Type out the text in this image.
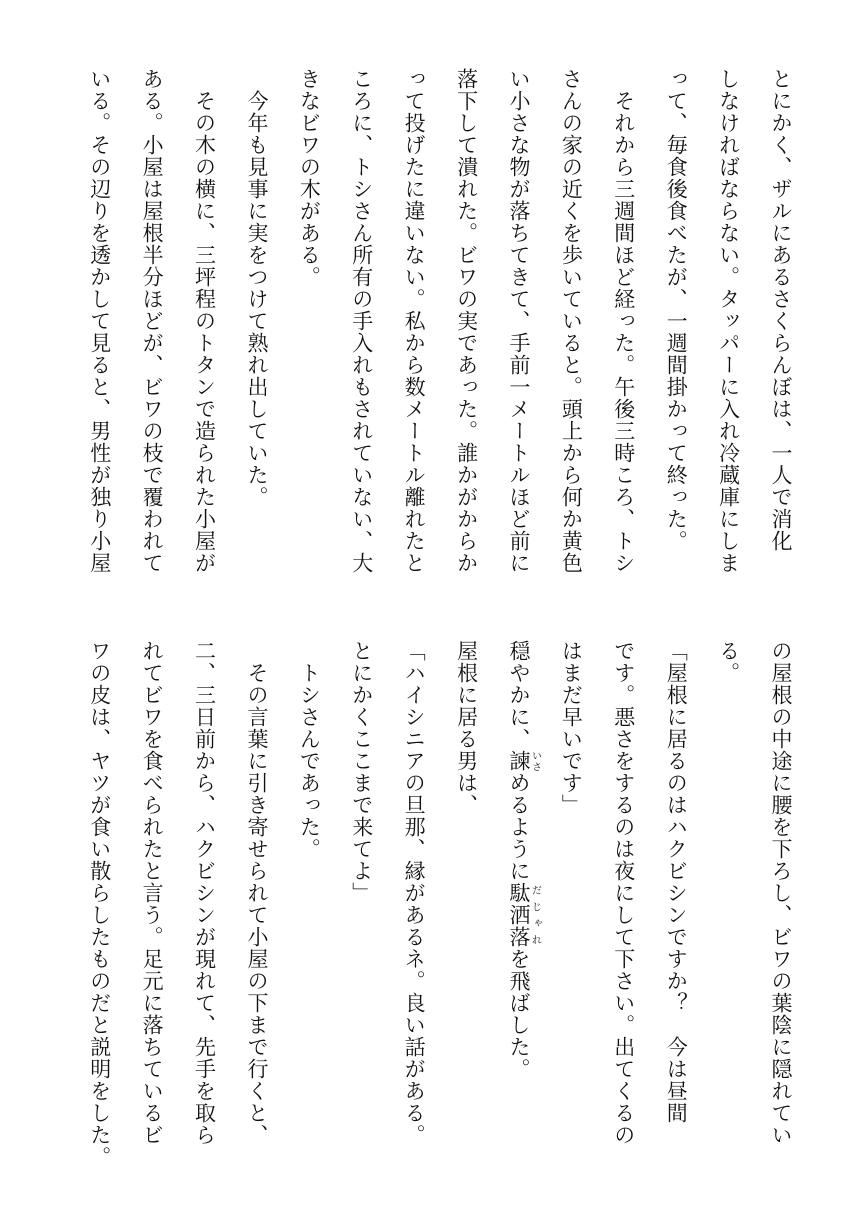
とにかく、ザルにあるさくらんぼは、一人で消化
しなければならない。タッパーに入れ冷蔵庫にしま
って、毎食後食べたが、一週間掛かって終った。
　それから三週間ほど経った。午後三時ころ、トシ
さんの家の近くを歩いていると。頭上から何か黄色
い小さな物が落ちてきて、手前一メートルほど前に
落下して潰れた。ビワの実であった。誰かがからか
って投げたに違いない。私から数メートル離れたと
ころに、トシさん所有の手入れもされていない、大
きなビワの木がある。
　今年も見事に実をつけて熟れ出していた。
　その木の横に、三坪程のトタンで造られた小屋が
ある。小屋は屋根半分ほどが、ビワの枝で覆われて
いる。その辺りを透かして見ると、男性が独り小屋
の屋根の中途に腰を下ろし、ビワの葉陰に隠れてい
る。
「屋根に居るのはハクビシンですか？　今は昼間
です。悪さをするのは夜にして下さい。出てくるの
はまだ早いです」
穏やかに、諫いさめるように駄洒落だじゃれを飛ばした。
屋根に居る男は、
「ハイシニアの旦那、縁があるネ。良い話がある。
とにかくここまで来てよ」
　トシさんであった。
　その言葉に引き寄せられて小屋の下まで行くと、
二、三日前から、ハクビシンが現れて、先手を取ら
れてビワを食べられたと言う。足元に落ちているビ
ワの皮は、ヤツが食い散らしたものだと説明をした。
